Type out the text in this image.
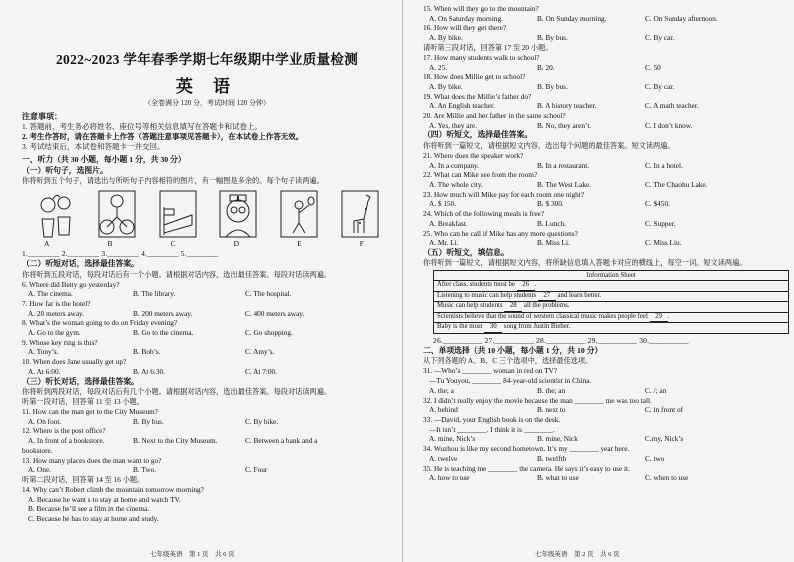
2022~2023 学年春季学期七年级期中学业质量检测
英 语
（全卷满分 120 分，考试时间 120 分钟）
注意事项：
1. 答题前，考生务必将姓名、座位号等相关信息填写在答题卡和试卷上。
2. 考生作答时，请在答题卡上作答（答题注意事项见答题卡），在本试卷上作答无效。
3. 考试结束后，本试卷和答题卡一并交回。
一、听力（共 30 小题，每小题 1 分，共 30 分）
（一）听句子，选图片。
你将听到五个句子，请选出与所听句子内容相符的图片，有一幅图是多余的。每个句子读两遍。
A	B	C	D	E	F
1.________ 2.________ 3.________ 4.________ 5.________
（二）听短对话，选择最佳答案。
你将听到五段对话，每段对话后有一个小题。请根据对话内容，选出最佳答案。每段对话读两遍。
6. Where did Betty go yesterday?
A. The cinema.	B. The library.	C. The hospital.
7. How far is the hotel?
A. 20 meters away.	B. 200 meters away.	C. 400 meters away.
8. What’s the woman going to do on Friday evening?
A. Go to the gym.	B. Go to the cinema.	C. Go shopping.
9. Whose key ring is this?
A. Tony’s.	B. Bob’s.	C. Amy’s.
10. When does Jane usually get up?
A. At 6:00.	B. At 6:30.	C. At 7:00.
（三）听长对话，选择最佳答案。
你将听到两段对话，每段对话后有几个小题。请根据对话内容，选出最佳答案。每段对话读两遍。
听第一段对话，回答第 11 至 13 小题。
11. How can the man get to the City Museum?
A. On foot.	B. By bus.	C. By bike.
12. Where is the post office?
A. In front of a bookstore.	B. Next to the City Museum.	C. Between a bank and a
bookstore.
13. How many places does the man want to go?
A. One.	B. Two.	C. Four
听第二段对话，回答第 14 至 16 小题。
14. Why can’t Robert climb the mountain tomorrow morning?
A. Because he want s to stay at home and watch TV.
B. Because he’ll see a film in the cinema.
C. Because he has to stay at home and study.
七年级英语　第 1 页　共 6 页
15. When will they go to the mountain?
A. On Saturday morning.	B. On Sunday morning.	C. On Sunday afternoon.
16. How will they get there?
A. By bike.	B. By bus.	C. By car.
请听第三段对话，回答第 17 至 20 小题。
17. How many students walk to school?
A. 25.	B. 20.	C. 50
18. How does Millie get to school?
A. By bike.	B. By bus.	C. By car.
19. What does the Millie’s father do?
A. An English teacher.	B. A history teacher.	C. A math teacher.
20. Are Millie and her father in the same school?
A. Yes, they are.	B. No, they aren’t.	C. I don’t know.
（四）听短文，选择最佳答案。
你将听到一篇短文，请根据短文内容，选出每个问题的最佳答案。短文读两遍。
21. Where does the speaker work?
A. In a company.	B. In a restaurant.	C. In a hotel.
22. What can Mike see from the room?
A. The whole city.	B. The West Lake.	C. The Chaohu Lake.
23. How much will Mike pay for each room one night?
A. $ 150.	B. $ 300.	C. $450.
24. Which of the following meals is free?
A. Breakfast.	B. Lunch.	C. Supper.
25. Who can he call if Mike has any more questions?
A. Mr. Li.	B. Miss Li.	C. Miss Liu.
（五）听短文，填信息。
你将听到一篇短文，请根据短文内容，将所缺信息填入答题卡对应的横线上，每空一词。短文读两遍。
Information Sheet
After class, students must be 26 .
Listening to music can help students 27 and learn better.
Music can help students 28 all the problems.
Scientists believe that the sound of western classical music makes people feel 29 .
Baby is the most 30 song from Justin Bieber.
26.__________ 27.__________ 28.__________ 29.__________ 30.__________
二、单项选择（共 10 小题，每小题 1 分，共 10 分）
从下列各题的 A、B、C 三个选项中，选择最佳选项。
31. —Who’s ________ woman in red on TV?
—Tu Youyou, ________ 84-year-old scientist in China.
A. the; a	B. the; an	C. /; an
32. I didn’t really enjoy the movie because the man ________ me was too tall.
A. behind	B. next to	C. in front of
33. —David, your English book is on the desk.
—It isn’t ________. I think it is ________.
A. mine, Nick’s	B. mine, Nick	C.my, Nick’s
34. Wuzhou is like my second hometown. It’s my ________ year here.
A. twelve	B. twelfth	C. two
35. He is teaching me ________ the camera. He says it’s easy to use it.
A. how to use	B. what to use	C. when to use
七年级英语　第 2 页　共 6 页
